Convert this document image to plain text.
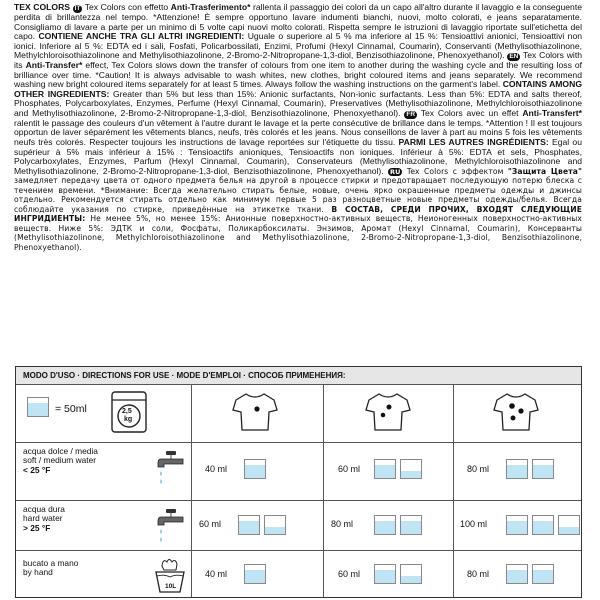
TEX COLORS IT Tex Colors con effetto Anti-Trasferimento* rallenta il passaggio dei colori da un capo all'altro durante il lavaggio e la conseguente perdita di brillantezza nel tempo. *Attenzione! È sempre opportuno lavare indumenti bianchi, nuovi, molto colorati, e jeans separatamente. Consigliamo di lavare a parte per un minimo di 5 volte capi nuovi molto colorati. Rispetta sempre le istruzioni di lavaggio riportate sull'etichetta del capo. CONTIENE ANCHE TRA GLI ALTRI INGREDIENTI: Uguale o superiore al 5 % ma inferiore al 15 %: Tensioattivi anionici, Tensioattivi non ionici. Inferiore al 5 %: EDTA ed i sali, Fosfati, Policarbossilati, Enzimi, Profumi (Hexyl Cinnamal, Coumarin), Conservanti (Methylisothiazolinone, Methylchloroisothiazolinone and Methylisothiazolinone, 2-Bromo-2-Nitropropane-1,3-diol, Benzisothiazolinone, Phenoxyethanol). EN Tex Colors with its Anti-Transfer* effect, Tex Colors slows down the transfer of colours from one item to another during the washing cycle and the resulting loss of brilliance over time. *Caution! It is always advisable to wash whites, new clothes, bright coloured items and jeans separately. We recommend washing new bright coloured items separately for at least 5 times. Always follow the washing instructions on the garment's label. CONTAINS AMONG OTHER INGREDIENTS: Greater than 5% but less than 15%: Anionic surfactants, Non-ionic surfactants. Less than 5%: EDTA and salts thereof, Phosphates, Polycarboxylates, Enzymes, Perfume (Hexyl Cinnamal, Coumarin), Preservatives (Methylisothiazolinone, Methylchloroisothiazolinone and Methylisothiazolinone, 2-Bromo-2-Nitropropane-1,3-diol, Benzisothiazolinone, Phenoxyethanol). FR Tex Colors avec un effet Anti-Transfert* ralentit le passage des couleurs d'un vêtement à l'autre durant le lavage et la perte consécutive de brillance dans le temps. *Attention ! Il est toujours opportun de laver séparément les vêtements blancs, neufs, très colorés et les jeans. Nous conseillons de laver à part au moins 5 fois les vêtements neufs très colorés. Respecter toujours les instructions de lavage reportées sur l'étiquette du tissu. PARMI LES AUTRES INGRÉDIENTS: Egal ou supérieur à 5% mais inférieur à 15% : Tensioactifs anioniques, Tensioactifs non ioniques. Inférieur à 5%: EDTA et sels, Phosphates, Polycarboxylates, Enzymes, Parfum (Hexyl Cinnamal, Coumarin), Conservateurs (Methylisothiazolinone, Methylchloroisothiazolinone and Methylisothiazolinone, 2-Bromo-2-Nitropropane-1,3-diol, Benzisothiazolinone, Phenoxyethanol). RU Tex Colors с эффектом "Защита Цвета" замедляет передачу цвета от одного предмета белья на другой в процессе стирки и предотвращает последующую потерю блеска с течением времени. *Внимание: Всегда желательно стирать белые, новые, очень ярко окрашенные предметы одежды и джинсы отдельно. Рекомендуется стирать отдельно как минимум первые 5 раз разноцветные новые предметы одежды/белья. Всегда соблюдайте указания по стирке, приведённые на этикетке ткани. В СОСТАВ, СРЕДИ ПРОЧИХ, ВХОДЯТ СЛЕДУЮЩИЕ ИНГРИДИЕНТЫ: Не менее 5%, но менее 15%: Анионные поверхностно-активных веществ, Неионогенных поверхностно-активных веществ. Ниже 5%: ЭДТК и соли, Фосфаты, Поликарбоксилаты. Энзимов, Аромат (Hexyl Cinnamal, Coumarin), Консерванты (Methylisothiazolinone, Methylchloroisothiazolinone and Methylisothiazolinone, 2-Bromo-2-Nitropropane-1,3-diol, Benzisothiazolinone, Phenoxyethanol).

MODO D'USO · DIRECTIONS FOR USE · MODE D'EMPLOI · СПОСОБ ПРИМЕНЕНИЯ:
= 50ml	2,5
kg
acqua dolce / media
soft / medium water
< 25 °F	40 ml	60 ml	80 ml
acqua dura
hard water
> 25 °F	60 ml	80 ml	100 ml
bucato a mano
by hand
10L
40 ml	60 ml	80 ml
